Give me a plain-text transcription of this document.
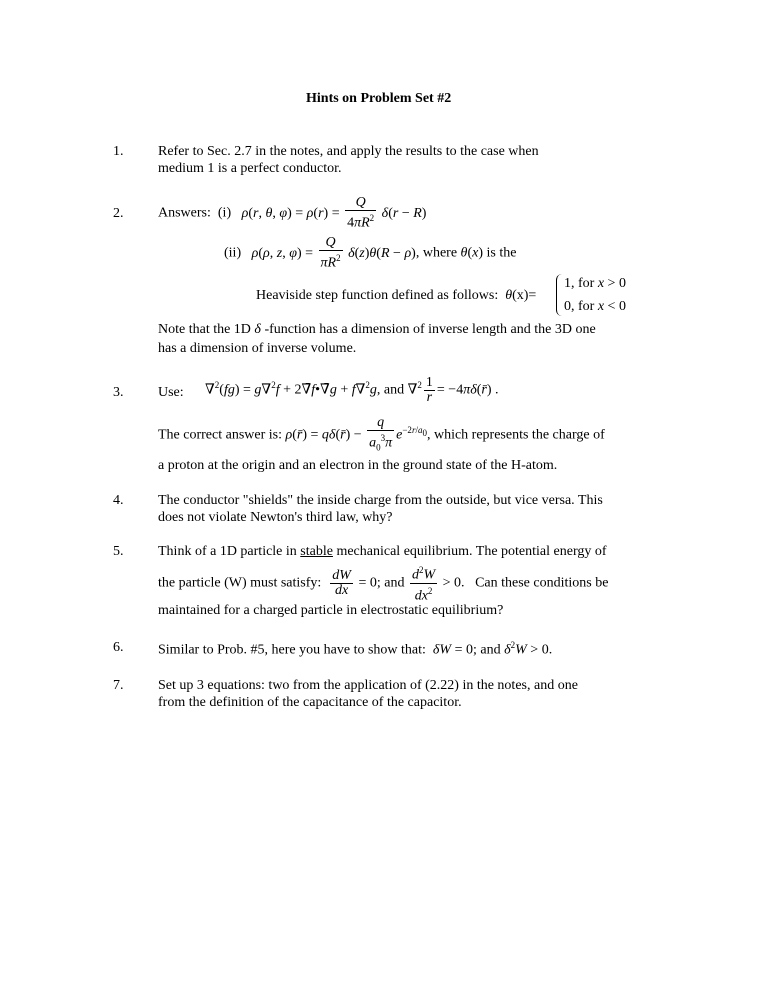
Hints on Problem Set #2
1. Refer to Sec. 2.7 in the notes, and apply the results to the case when
medium 1 is a perfect conductor.
2. Answers: (i) ρ(r, θ, $\varphi) = \rho(r) = \frac{Q}{4\pi R^2} \delta(r - R)$
(ii) ρ(ρ, z, $\varphi) = \frac{Q}{\pi R^2} \delta(z)\theta(R - \rho)$, where θ(x) is the
Heaviside step function defined as follows: θ(x)=
1, for x > 0
0, for x < 0
Note that the 1D δ -function has a dimension of inverse length and the 3D one
has a dimension of inverse volume.
3. Use: ∇$^2$(fg) = g∇$^2$f + 2∇̄f•∇̄g + f∇$^2$g, and $\nabla^2 \frac{1}{r}$ = −4πδ(r̄) .
The correct answer is: ρ(r̄) = qδ(r̄) − $\frac{q}{a_0^3\pi} e^{-2r/a_0}$, which represents the charge of
a proton at the origin and an electron in the ground state of the H-atom.
4. The conductor "shields" the inside charge from the outside, but vice versa. This
does not violate Newton's third law, why?
5. Think of a 1D particle in stable mechanical equilibrium. The potential energy of
the particle (W) must satisfy: $\frac{dW}{dx} = 0$; and $\frac{d^2W}{dx^2} > 0$.   Can these conditions be
maintained for a charged particle in electrostatic equilibrium?
6. Similar to Prob. #5, here you have to show that: δW = 0; and $\delta^2W > 0$.
7. Set up 3 equations: two from the application of (2.22) in the notes, and one
from the definition of the capacitance of the capacitor.
